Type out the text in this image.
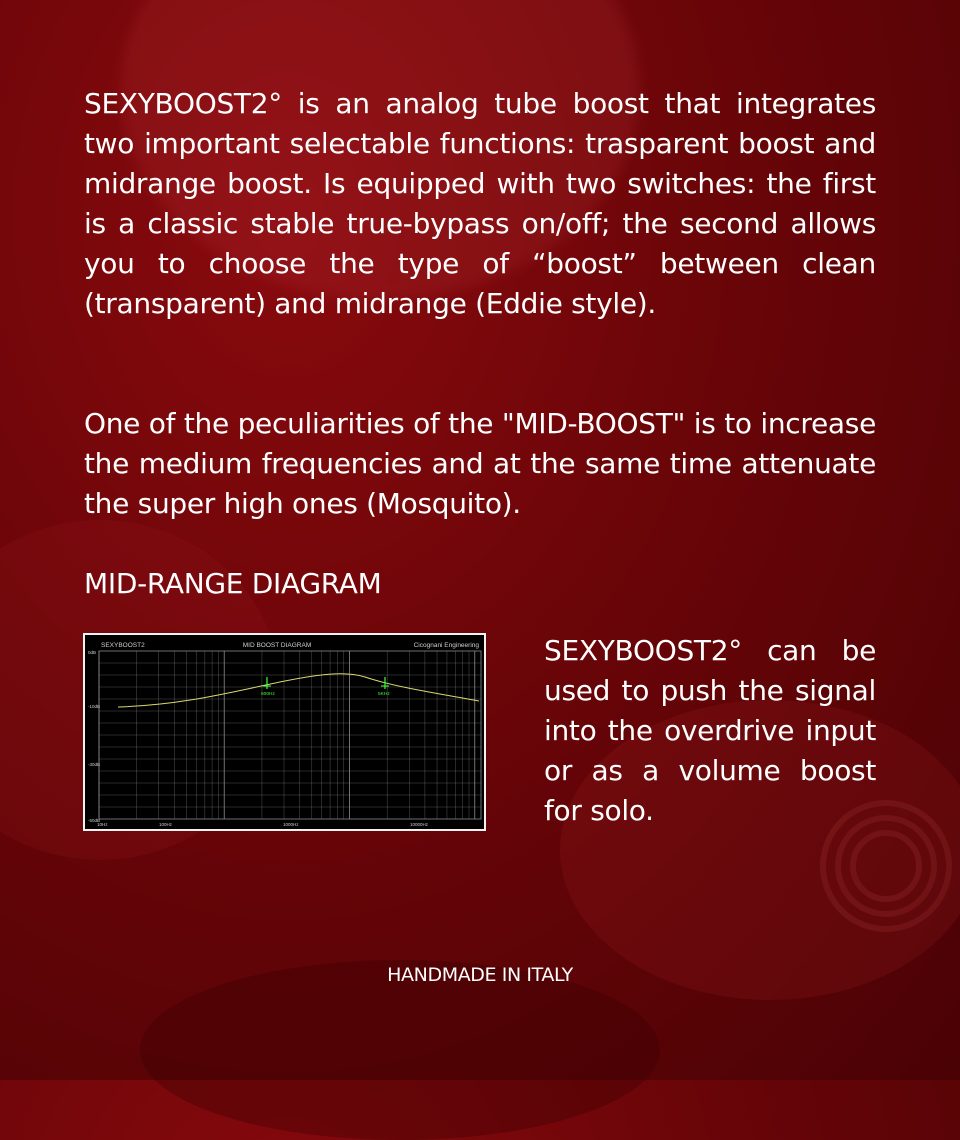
SEXYBOOST2° is an analog tube boost that integrates two important selectable functions: trasparent boost and midrange boost. Is equipped with two switches: the first is a classic stable true-bypass on/off; the second allows you to choose the type of “boost” between clean (transparent) and midrange (Eddie style).

One of the peculiarities of the "MID-BOOST" is to increase the medium frequencies and at the same time attenuate the super high ones (Mosquito).

MID-RANGE DIAGRAM
SEXYBOOST2	MID BOOST DIAGRAM	Cicognani Engineering
0dB
-10dB
-30dB
-50dB
10Hz	100Hz	1000Hz	10000Hz
600Hz	5KHz

SEXYBOOST2° can be used to push the signal into the overdrive input or as a volume boost for solo.

HANDMADE IN ITALY
